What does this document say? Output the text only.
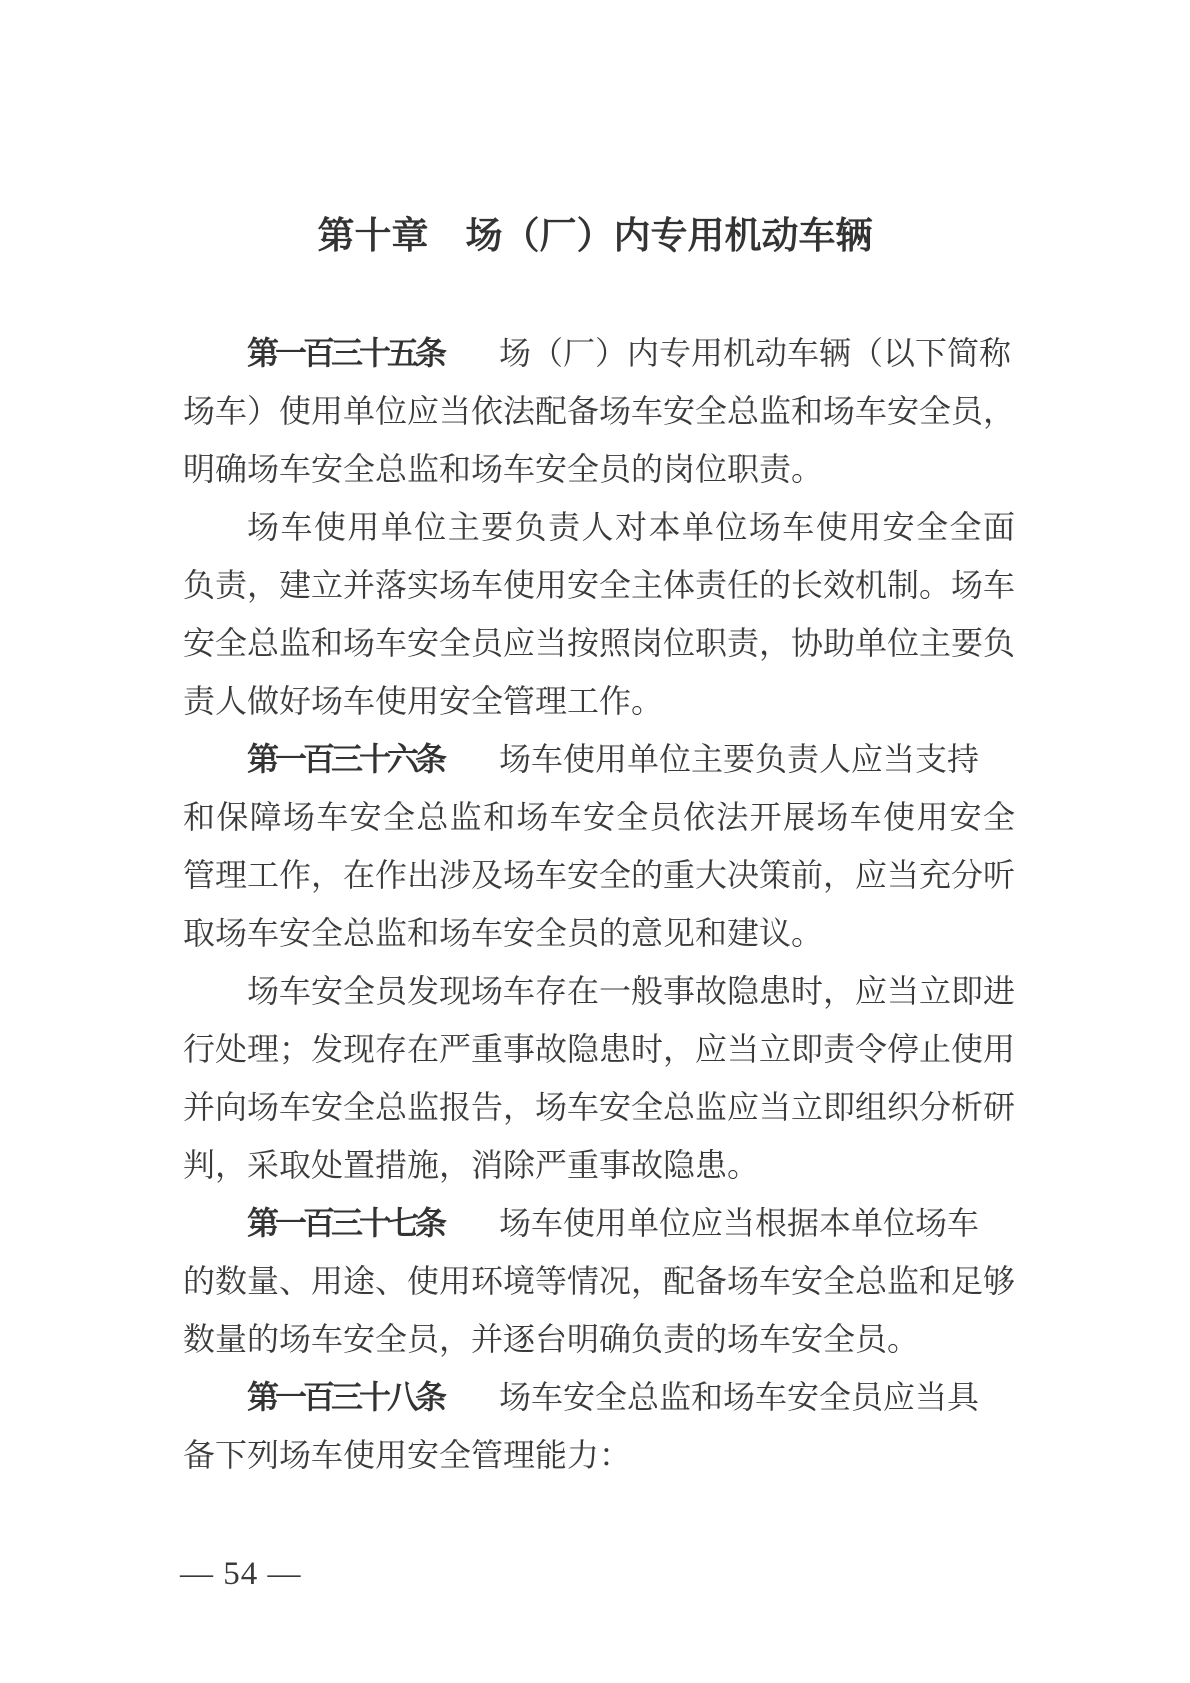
第十章　场（厂）内专用机动车辆
第一百三十五条 场（厂）内专用机动车辆（以下简称
场车）使用单位应当依法配备场车安全总监和场车安全员，
明确场车安全总监和场车安全员的岗位职责。
场车使用单位主要负责人对本单位场车使用安全全面
负责，建立并落实场车使用安全主体责任的长效机制。场车
安全总监和场车安全员应当按照岗位职责，协助单位主要负
责人做好场车使用安全管理工作。
第一百三十六条 场车使用单位主要负责人应当支持
和保障场车安全总监和场车安全员依法开展场车使用安全
管理工作，在作出涉及场车安全的重大决策前，应当充分听
取场车安全总监和场车安全员的意见和建议。
场车安全员发现场车存在一般事故隐患时，应当立即进
行处理；发现存在严重事故隐患时，应当立即责令停止使用
并向场车安全总监报告，场车安全总监应当立即组织分析研
判，采取处置措施，消除严重事故隐患。
第一百三十七条 场车使用单位应当根据本单位场车
的数量、用途、使用环境等情况，配备场车安全总监和足够
数量的场车安全员，并逐台明确负责的场车安全员。
第一百三十八条 场车安全总监和场车安全员应当具
备下列场车使用安全管理能力：
— 54 —
